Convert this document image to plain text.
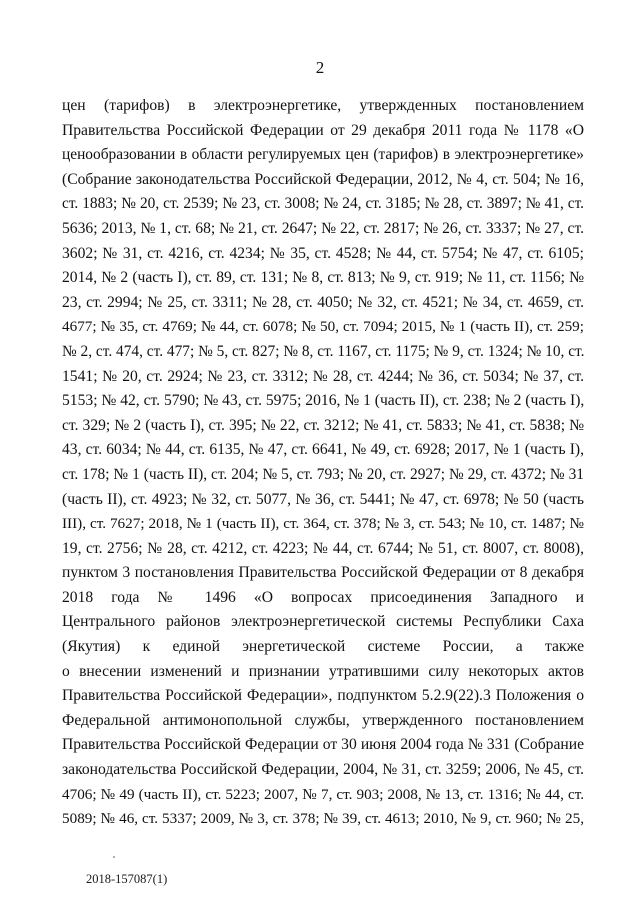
2
цен (тарифов) в электроэнергетике, утвержденных постановлением
Правительства Российской Федерации от 29 декабря 2011 года № 1178 «О
ценообразовании в области регулируемых цен (тарифов) в электроэнергетике»
(Собрание законодательства Российской Федерации, 2012, № 4, ст. 504; № 16,
ст. 1883; № 20, ст. 2539; № 23, ст. 3008; № 24, ст. 3185; № 28, ст. 3897; № 41, ст.
5636; 2013, № 1, ст. 68; № 21, ст. 2647; № 22, ст. 2817; № 26, ст. 3337; № 27, ст.
3602; № 31, ст. 4216, ст. 4234; № 35, ст. 4528; № 44, ст. 5754; № 47, ст. 6105;
2014, № 2 (часть I), ст. 89, ст. 131; № 8, ст. 813; № 9, ст. 919; № 11, ст. 1156; №
23, ст. 2994; № 25, ст. 3311; № 28, ст. 4050; № 32, ст. 4521; № 34, ст. 4659, ст.
4677; № 35, ст. 4769; № 44, ст. 6078; № 50, ст. 7094; 2015, № 1 (часть II), ст. 259;
№ 2, ст. 474, ст. 477; № 5, ст. 827; № 8, ст. 1167, ст. 1175; № 9, ст. 1324; № 10, ст.
1541; № 20, ст. 2924; № 23, ст. 3312; № 28, ст. 4244; № 36, ст. 5034; № 37, ст.
5153; № 42, ст. 5790; № 43, ст. 5975; 2016, № 1 (часть II), ст. 238; № 2 (часть I),
ст. 329; № 2 (часть I), ст. 395; № 22, ст. 3212; № 41, ст. 5833; № 41, ст. 5838; №
43, ст. 6034; № 44, ст. 6135, № 47, ст. 6641, № 49, ст. 6928; 2017, № 1 (часть I),
ст. 178; № 1 (часть II), ст. 204; № 5, ст. 793; № 20, ст. 2927; № 29, ст. 4372; № 31
(часть II), ст. 4923; № 32, ст. 5077, № 36, ст. 5441; № 47, ст. 6978; № 50 (часть
III), ст. 7627; 2018, № 1 (часть II), ст. 364, ст. 378; № 3, ст. 543; № 10, ст. 1487; №
19, ст. 2756; № 28, ст. 4212, ст. 4223; № 44, ст. 6744; № 51, ст. 8007, ст. 8008),
пунктом 3 постановления Правительства Российской Федерации от 8 декабря
2018 года № 1496 «О вопросах присоединения Западного и
Центрального районов электроэнергетической системы Республики Саха
(Якутия) к единой энергетической системе России, а также
о внесении изменений и признании утратившими силу некоторых актов
Правительства Российской Федерации», подпунктом 5.2.9(22).3 Положения о
Федеральной антимонопольной службы, утвержденного постановлением
Правительства Российской Федерации от 30 июня 2004 года № 331 (Собрание
законодательства Российской Федерации, 2004, № 31, ст. 3259; 2006, № 45, ст.
4706; № 49 (часть II), ст. 5223; 2007, № 7, ст. 903; 2008, № 13, ст. 1316; № 44, ст.
5089; № 46, ст. 5337; 2009, № 3, ст. 378; № 39, ст. 4613; 2010, № 9, ст. 960; № 25,
2018-157087(1)
